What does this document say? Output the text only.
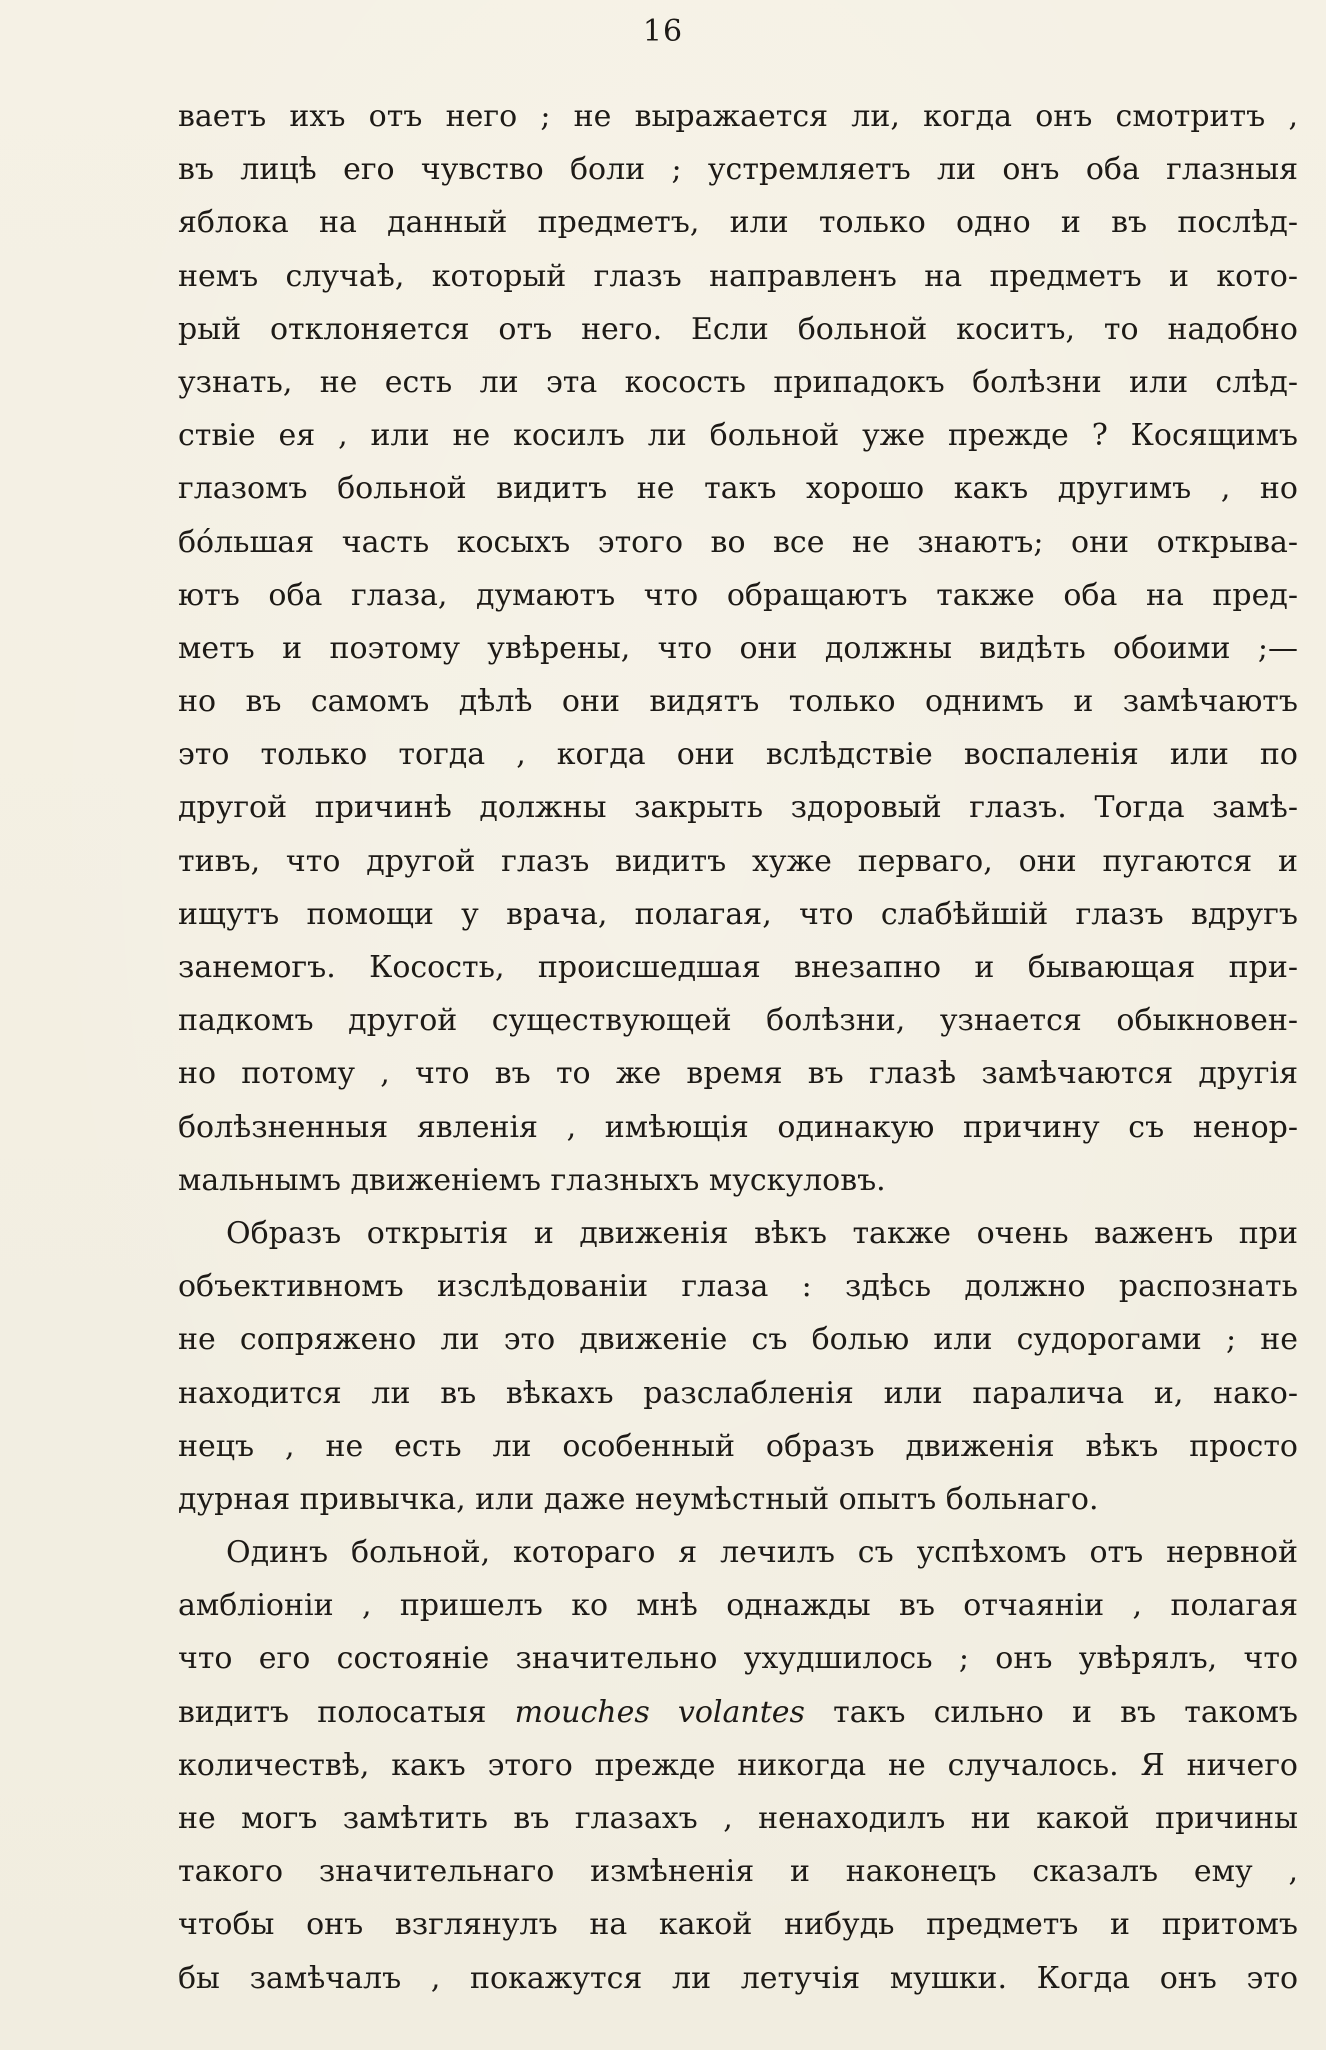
16
ваетъ ихъ отъ него ; не выражается ли, когда онъ смотритъ ,
въ лицѣ его чувство боли ; устремляетъ ли онъ оба глазныя
яблока на данный предметъ, или только одно и въ послѣд-
немъ случаѣ, который глазъ направленъ на предметъ и кото-
рый отклоняется отъ него. Если больной коситъ, то надобно
узнать, не есть ли эта косость припадокъ болѣзни или слѣд-
ствіе ея , или не косилъ ли больной уже прежде ? Косящимъ
глазомъ больной видитъ не такъ хорошо какъ другимъ , но
бо́льшая часть косыхъ этого во все не знаютъ; они открыва-
ютъ оба глаза, думаютъ что обращаютъ также оба на пред-
метъ и поэтому увѣрены, что они должны видѣть обоими ;—
но въ самомъ дѣлѣ они видятъ только однимъ и замѣчаютъ
это только тогда , когда они вслѣдствіе воспаленія или по
другой причинѣ должны закрыть здоровый глазъ. Тогда замѣ-
тивъ, что другой глазъ видитъ хуже перваго, они пугаются и
ищутъ помощи у врача, полагая, что слабѣйшій глазъ вдругъ
занемогъ. Косость, происшедшая внезапно и бывающая при-
падкомъ другой существующей болѣзни, узнается обыкновен-
но потому , что въ то же время въ глазѣ замѣчаются другія
болѣзненныя явленія , имѣющія одинакую причину съ ненор-
мальнымъ движеніемъ глазныхъ мускуловъ.
Образъ открытія и движенія вѣкъ также очень важенъ при
объективномъ изслѣдованіи глаза : здѣсь должно распознать
не сопряжено ли это движеніе съ болью или судорогами ; не
находится ли въ вѣкахъ разслабленія или паралича и, нако-
нецъ , не есть ли особенный образъ движенія вѣкъ просто
дурная привычка, или даже неумѣстный опытъ больнаго.
Одинъ больной, котораго я лечилъ съ успѣхомъ отъ нервной
амбліоніи , пришелъ ко мнѣ однажды въ отчаяніи , полагая
что его состояніе значительно ухудшилось ; онъ увѣрялъ, что
видитъ полосатыя mouches volantes такъ сильно и въ такомъ
количествѣ, какъ этого прежде никогда не случалось. Я ничего
не могъ замѣтить въ глазахъ , ненаходилъ ни какой причины
такого значительнаго измѣненія и наконецъ сказалъ ему ,
чтобы онъ взглянулъ на какой нибудь предметъ и притомъ
бы замѣчалъ , покажутся ли летучія мушки. Когда онъ это
